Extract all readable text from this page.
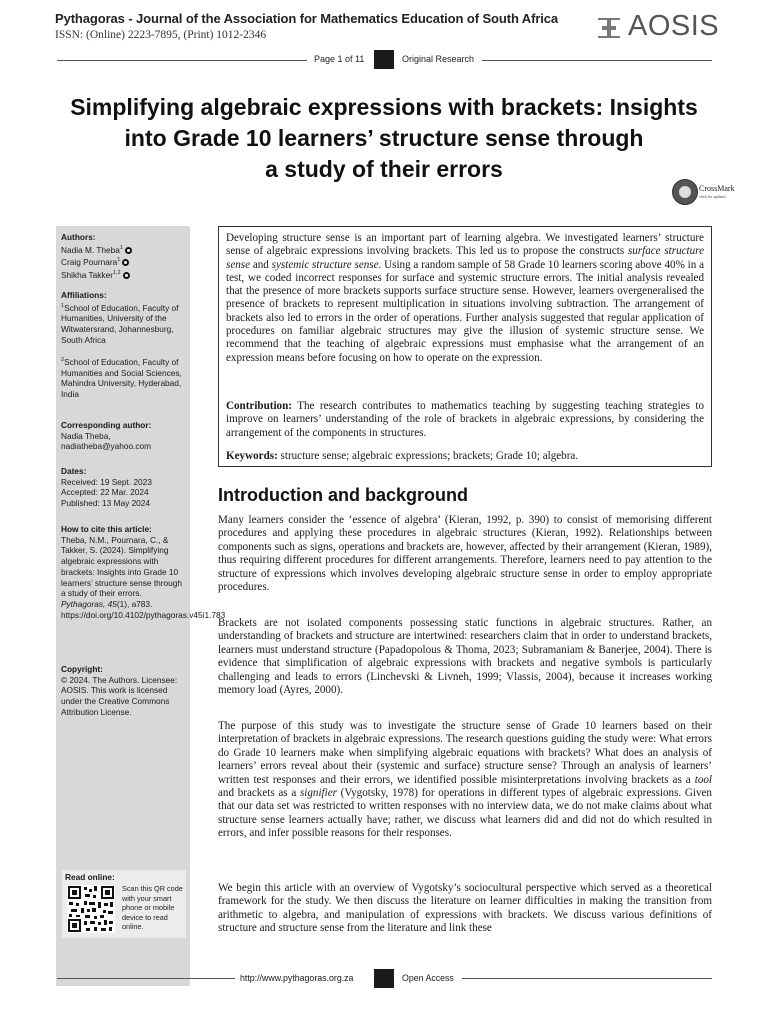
Pythagoras - Journal of the Association for Mathematics Education of South Africa
ISSN: (Online) 2223-7895, (Print) 1012-2346	AOSIS
Page 1 of 11	Original Research
Simplifying algebraic expressions with brackets: Insights
into Grade 10 learners’ structure sense through
a study of their errors
CrossMark
click for updates
Authors:
Nadia M. Theba$^1$
Craig Pournara$^1$
Shikha Takker$^{1,2}$
Affiliations:
$^1$School of Education, Faculty of Humanities, University of the Witwatersrand, Johannesburg, South Africa
$^2$School of Education, Faculty of Humanities and Social Sciences, Mahindra University, Hyderabad, India
Corresponding author:
Nadia Theba,
nadiatheba@yahoo.com
Dates:
Received: 19 Sept. 2023
Accepted: 22 Mar. 2024
Published: 13 May 2024
How to cite this article:
Theba, N.M., Pournara, C., & Takker, S. (2024). Simplifying algebraic expressions with brackets: Insights into Grade 10 learners’ structure sense through a study of their errors. Pythagoras, 45(1), a783. https://doi.org/10.4102/pythagoras.v45i1.783
Copyright:
© 2024. The Authors. Licensee: AOSIS. This work is licensed under the Creative Commons Attribution License.
Read online:
Scan this QR code with your smart phone or mobile device to read online.
Developing structure sense is an important part of learning algebra. We investigated learners’ structure sense of algebraic expressions involving brackets. This led us to propose the constructs surface structure sense and systemic structure sense. Using a random sample of 58 Grade 10 learners scoring above 40% in a test, we coded incorrect responses for surface and systemic structure errors. The initial analysis revealed that the presence of more brackets supports surface structure sense. However, learners overgeneralised the presence of brackets to represent multiplication in situations involving subtraction. The arrangement of brackets also led to errors in the order of operations. Further analysis suggested that regular application of procedures on familiar algebraic structures may give the illusion of systemic structure sense. We recommend that the teaching of algebraic expressions must emphasise what the arrangement of an expression means before focusing on how to operate on the expression.
Contribution: The research contributes to mathematics teaching by suggesting teaching strategies to improve on learners’ understanding of the role of brackets in algebraic expressions, by considering the arrangement of the components in structures.
Keywords: structure sense; algebraic expressions; brackets; Grade 10; algebra.
Introduction and background
Many learners consider the ‘essence of algebra’ (Kieran, 1992, p. 390) to consist of memorising different procedures and applying these procedures in algebraic structures (Kieran, 1992). Relationships between components such as signs, operations and brackets are, however, affected by their arrangement (Kieran, 1989), thus requiring different procedures for different arrangements. Therefore, learners need to pay attention to the structure of expressions which involves developing algebraic structure sense in order to employ appropriate procedures.
Brackets are not isolated components possessing static functions in algebraic structures. Rather, an understanding of brackets and structure are intertwined: researchers claim that in order to understand brackets, learners must understand structure (Papadopolous & Thoma, 2023; Subramaniam & Banerjee, 2004). There is evidence that simplification of algebraic expressions with brackets and negative symbols is particularly challenging and leads to errors (Linchevski & Livneh, 1999; Vlassis, 2004), because it increases working memory load (Ayres, 2000).
The purpose of this study was to investigate the structure sense of Grade 10 learners based on their interpretation of brackets in algebraic expressions. The research questions guiding the study were: What errors do Grade 10 learners make when simplifying algebraic equations with brackets? What does an analysis of learners’ errors reveal about their (systemic and surface) structure sense? Through an analysis of learners’ written test responses and their errors, we identified possible misinterpretations involving brackets as a tool and brackets as a signifier (Vygotsky, 1978) for operations in different types of algebraic expressions. Given that our data set was restricted to written responses with no interview data, we do not make claims about what structure sense learners actually have; rather, we discuss what learners did and did not do which resulted in errors, and infer possible reasons for their responses.
We begin this article with an overview of Vygotsky’s sociocultural perspective which served as a theoretical framework for the study. We then discuss the literature on learner difficulties in making the transition from arithmetic to algebra, and manipulation of expressions with brackets. We discuss various definitions of structure and structure sense from the literature and link these
http://www.pythagoras.org.za	Open Access
